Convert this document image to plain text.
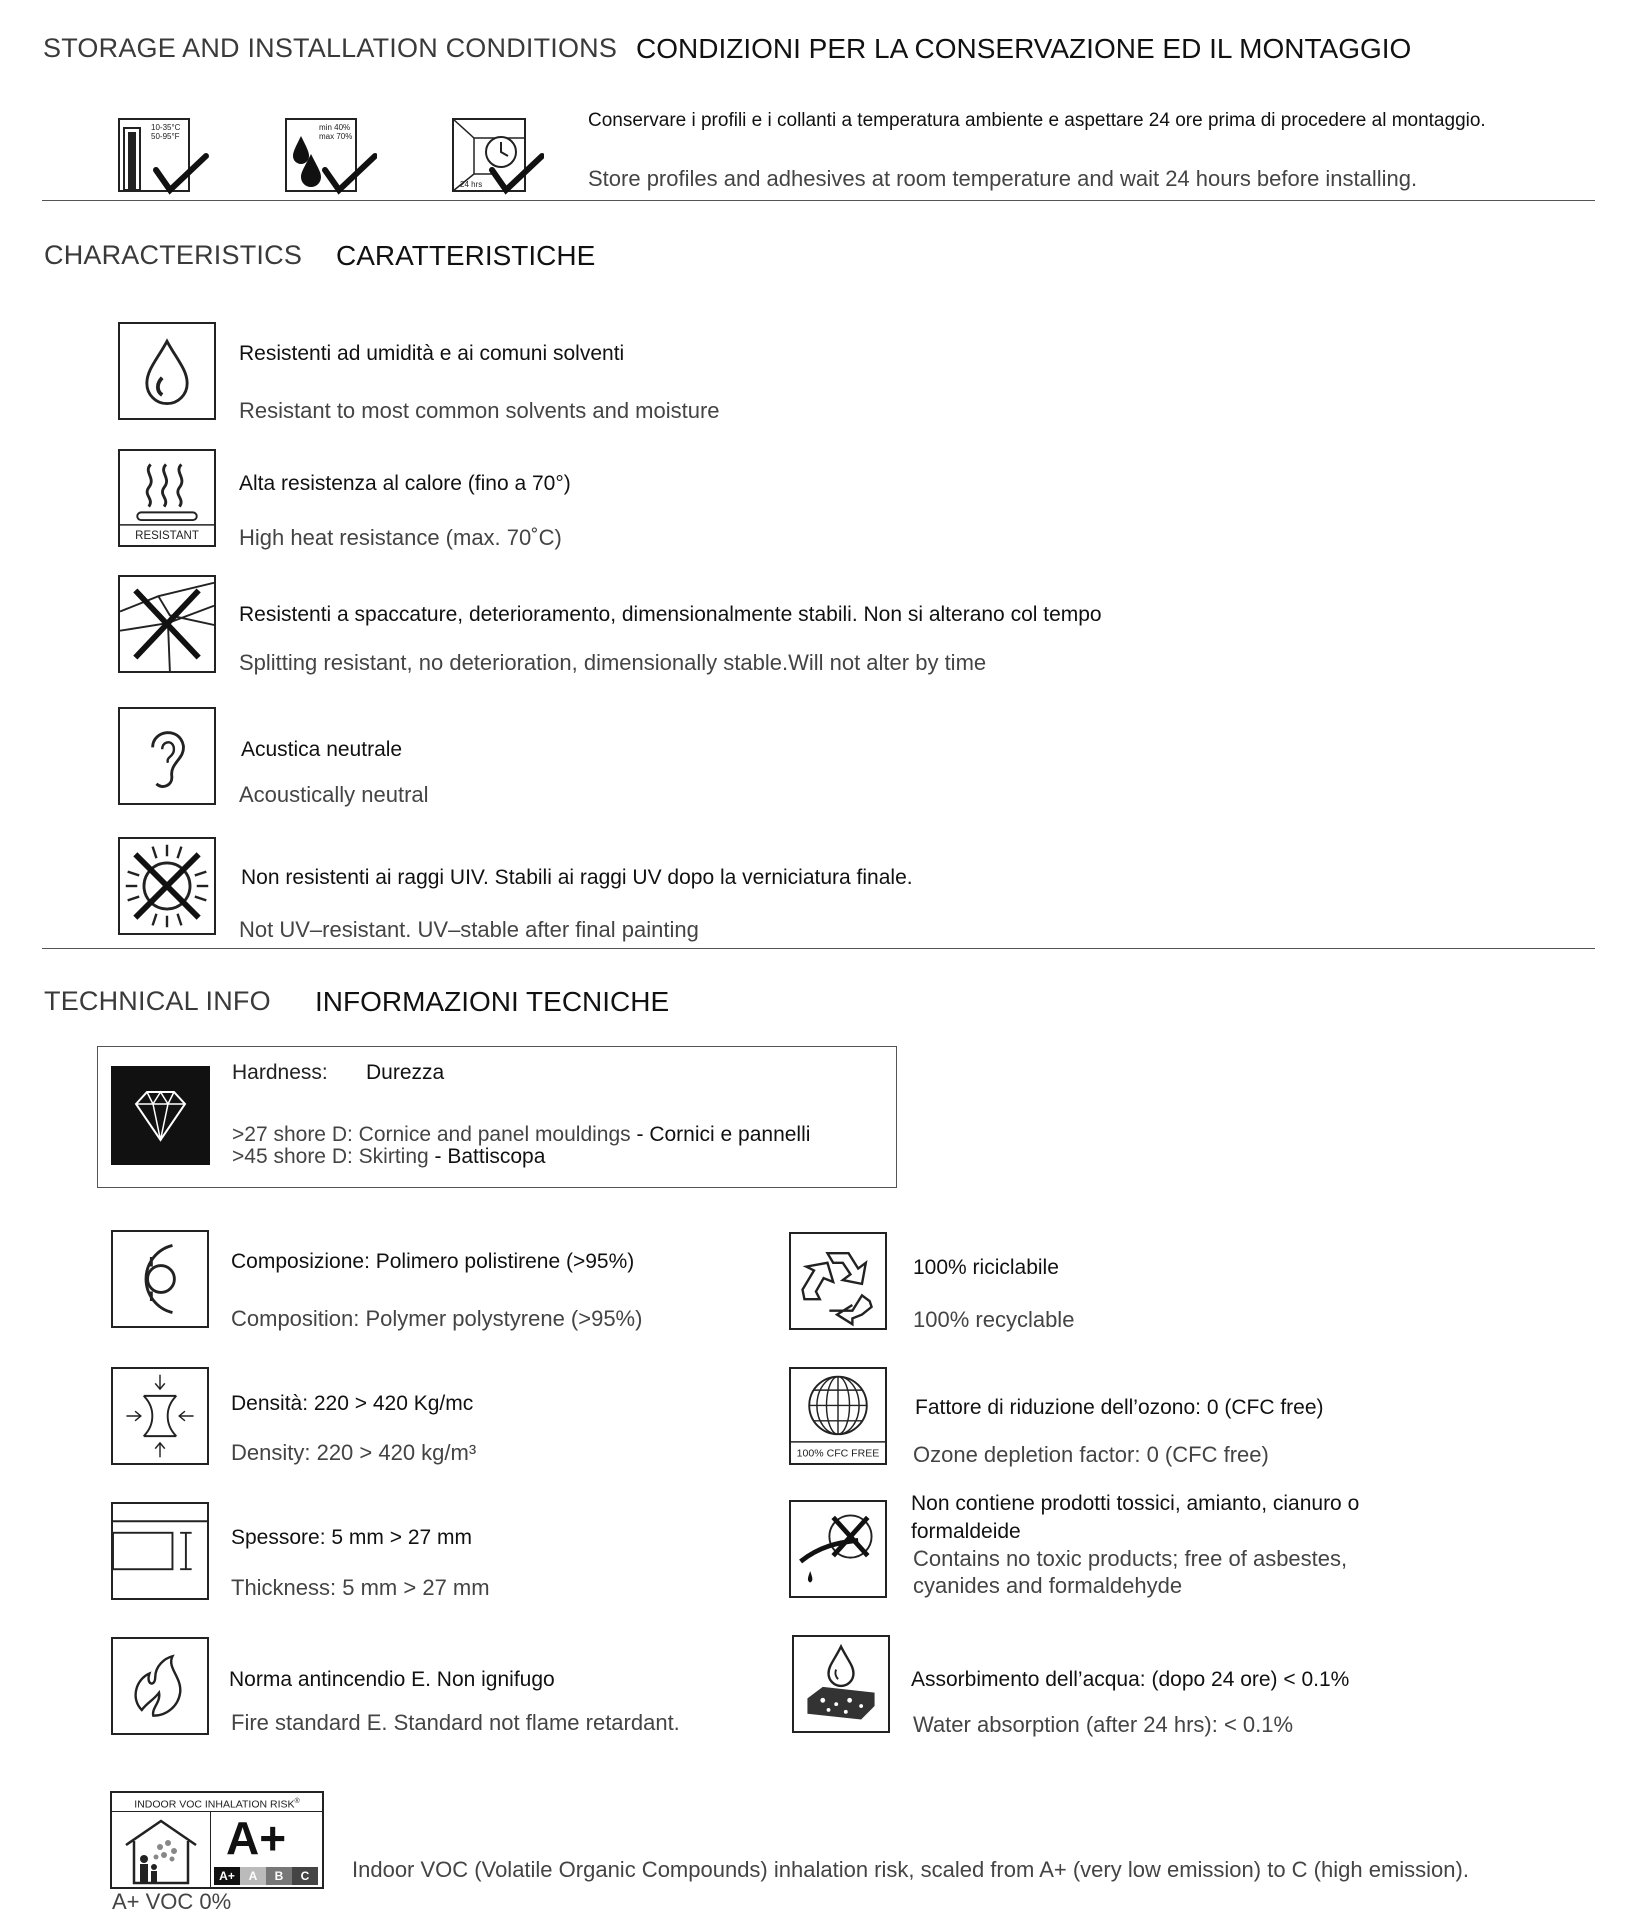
STORAGE AND INSTALLATION CONDITIONS CONDIZIONI PER LA CONSERVAZIONE ED IL MONTAGGIO
10-35°C
50-95°F
min 40%
max 70%
24 hrs
Conservare i profili e i collanti a temperatura ambiente e aspettare 24 ore prima di procedere al montaggio.
Store profiles and adhesives at room temperature and wait 24 hours before installing.
CHARACTERISTICS CARATTERISTICHE
Resistenti ad umidità e ai comuni solventi
Resistant to most common solvents and moisture
RESISTANT
Alta resistenza al calore (fino a 70°)
High heat resistance (max. 70˚C)
Resistenti a spaccature, deterioramento, dimensionalmente stabili. Non si alterano col tempo
Splitting resistant, no deterioration, dimensionally stable.Will not alter by time
Acustica neutrale
Acoustically neutral
Non resistenti ai raggi UIV. Stabili ai raggi UV dopo la verniciatura finale.
Not UV–resistant. UV–stable after final painting
TECHNICAL INFO INFORMAZIONI TECNICHE
Hardness: Durezza
>27 shore D: Cornice and panel mouldings - Cornici e pannelli
>45 shore D: Skirting - Battiscopa
Composizione: Polimero polistirene (>95%)
Composition: Polymer polystyrene (>95%)
Densità: 220 > 420 Kg/mc
Density: 220 > 420 kg/m³
Spessore: 5 mm > 27 mm
Thickness: 5 mm > 27 mm
Norma antincendio E. Non ignifugo
Fire standard E. Standard not flame retardant.
100% riciclabile
100% recyclable
100% CFC FREE
Fattore di riduzione dell’ozono: 0 (CFC free)
Ozone depletion factor: 0 (CFC free)
Non contiene prodotti tossici, amianto, cianuro o
formaldeide
Contains no toxic products; free of asbestes,
cyanides and formaldehyde
Assorbimento dell’acqua: (dopo 24 ore) < 0.1%
Water absorption (after 24 hrs): < 0.1%
INDOOR VOC INHALATION RISK®
A+
A+	A	B	C	Indoor VOC (Volatile Organic Compounds) inhalation risk, scaled from A+ (very low emission) to C (high emission).
A+ VOC 0%
